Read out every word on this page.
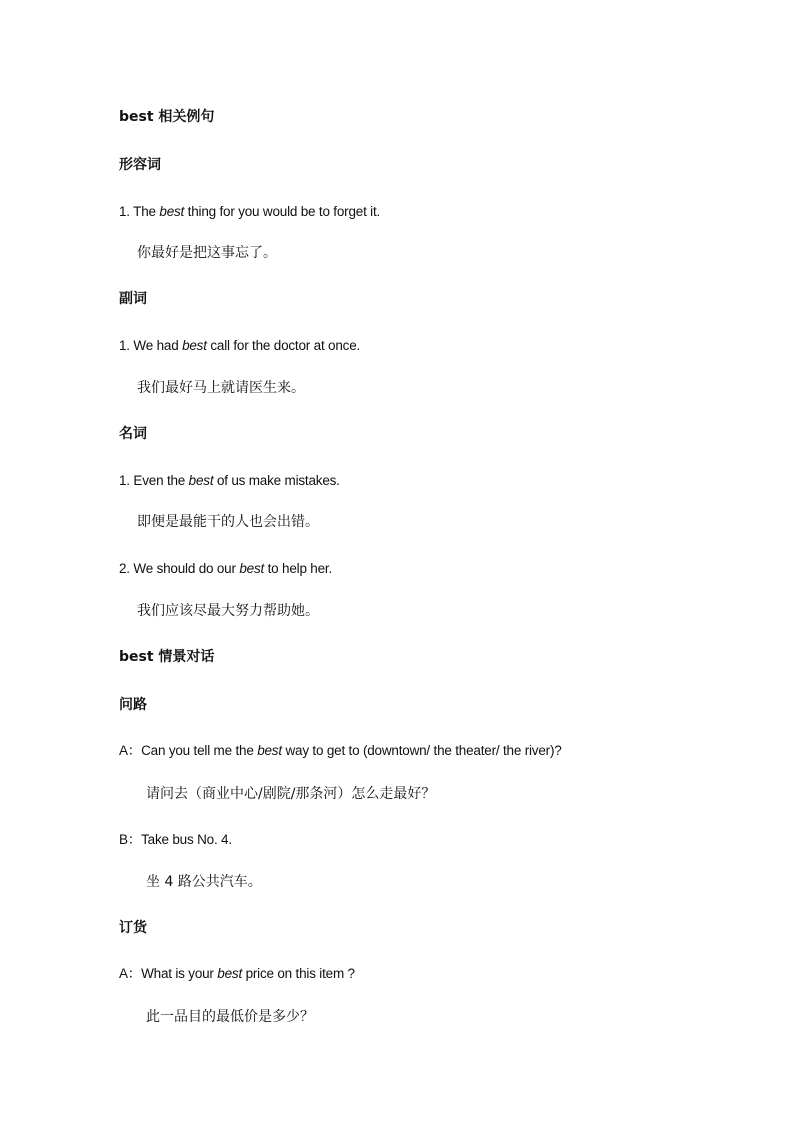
best 相关例句
形容词
1. The best thing for you would be to forget it.
你最好是把这事忘了。
副词
1. We had best call for the doctor at once.
我们最好马上就请医生来。
名词
1. Even the best of us make mistakes.
即便是最能干的人也会出错。
2. We should do our best to help her.
我们应该尽最大努力帮助她。
best 情景对话
问路
A：Can you tell me the best way to get to (downtown/ the theater/ the river)?
请问去（商业中心/剧院/那条河）怎么走最好？
B：Take bus No. 4.
坐 4 路公共汽车。
订货
A：What is your best price on this item ?
此一品目的最低价是多少？
